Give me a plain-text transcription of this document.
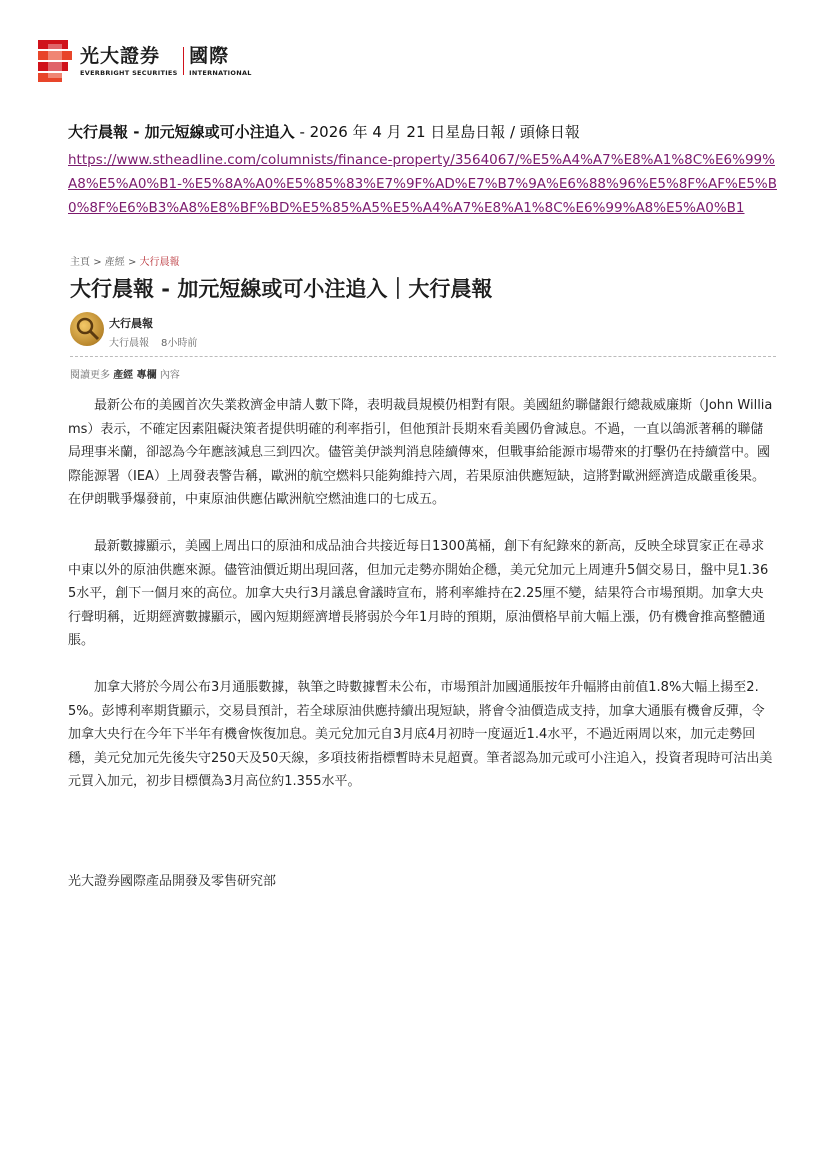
光大證券
EVERBRIGHT SECURITIES
國際
INTERNATIONAL
大行晨報 - 加元短線或可小注追入 - 2026 年 4 月 21 日星島日報 / 頭條日報
https://www.stheadline.com/columnists/finance-property/3564067/%E5%A4%A7%E8%A1%8C%E6%99%A8%E5%A0%B1-%E5%8A%A0%E5%85%83%E7%9F%AD%E7%B7%9A%E6%88%96%E5%8F%AF%E5%B0%8F%E6%B3%A8%E8%BF%BD%E5%85%A5%E5%A4%A7%E8%A1%8C%E6%99%A8%E5%A0%B1
主頁 > 產經 > 大行晨報
大行晨報 - 加元短線或可小注追入｜大行晨報
大行晨報
大行晨報 8小時前
閱讀更多 產經 專欄 內容

最新公布的美國首次失業救濟金申請人數下降，表明裁員規模仍相對有限。美國紐約聯儲銀行總裁威廉斯（John Williams）表示，不確定因素阻礙決策者提供明確的利率指引，但他預計長期來看美國仍會減息。不過，一直以鴿派著稱的聯儲局理事米蘭，卻認為今年應該減息三到四次。儘管美伊談判消息陸續傳來，但戰事給能源市場帶來的打擊仍在持續當中。國際能源署（IEA）上周發表警告稱，歐洲的航空燃料只能夠維持六周，若果原油供應短缺，這將對歐洲經濟造成嚴重後果。在伊朗戰爭爆發前，中東原油供應佔歐洲航空燃油進口的七成五。

最新數據顯示，美國上周出口的原油和成品油合共接近每日1300萬桶，創下有紀錄來的新高，反映全球買家正在尋求中東以外的原油供應來源。儘管油價近期出現回落，但加元走勢亦開始企穩，美元兌加元上周連升5個交易日，盤中見1.365水平，創下一個月來的高位。加拿大央行3月議息會議時宣布，將利率維持在2.25厘不變，結果符合市場預期。加拿大央行聲明稱，近期經濟數據顯示，國內短期經濟增長將弱於今年1月時的預期，原油價格早前大幅上漲，仍有機會推高整體通脹。

加拿大將於今周公布3月通脹數據，執筆之時數據暫未公布，市場預計加國通脹按年升幅將由前值1.8%大幅上揚至2.5%。彭博利率期貨顯示，交易員預計，若全球原油供應持續出現短缺，將會令油價造成支持，加拿大通脹有機會反彈，令加拿大央行在今年下半年有機會恢復加息。美元兌加元自3月底4月初時一度逼近1.4水平，不過近兩周以來，加元走勢回穩，美元兌加元先後失守250天及50天線，多項技術指標暫時未見超賣。筆者認為加元或可小注追入，投資者現時可沽出美元買入加元，初步目標價為3月高位約1.355水平。

光大證券國際產品開發及零售研究部
